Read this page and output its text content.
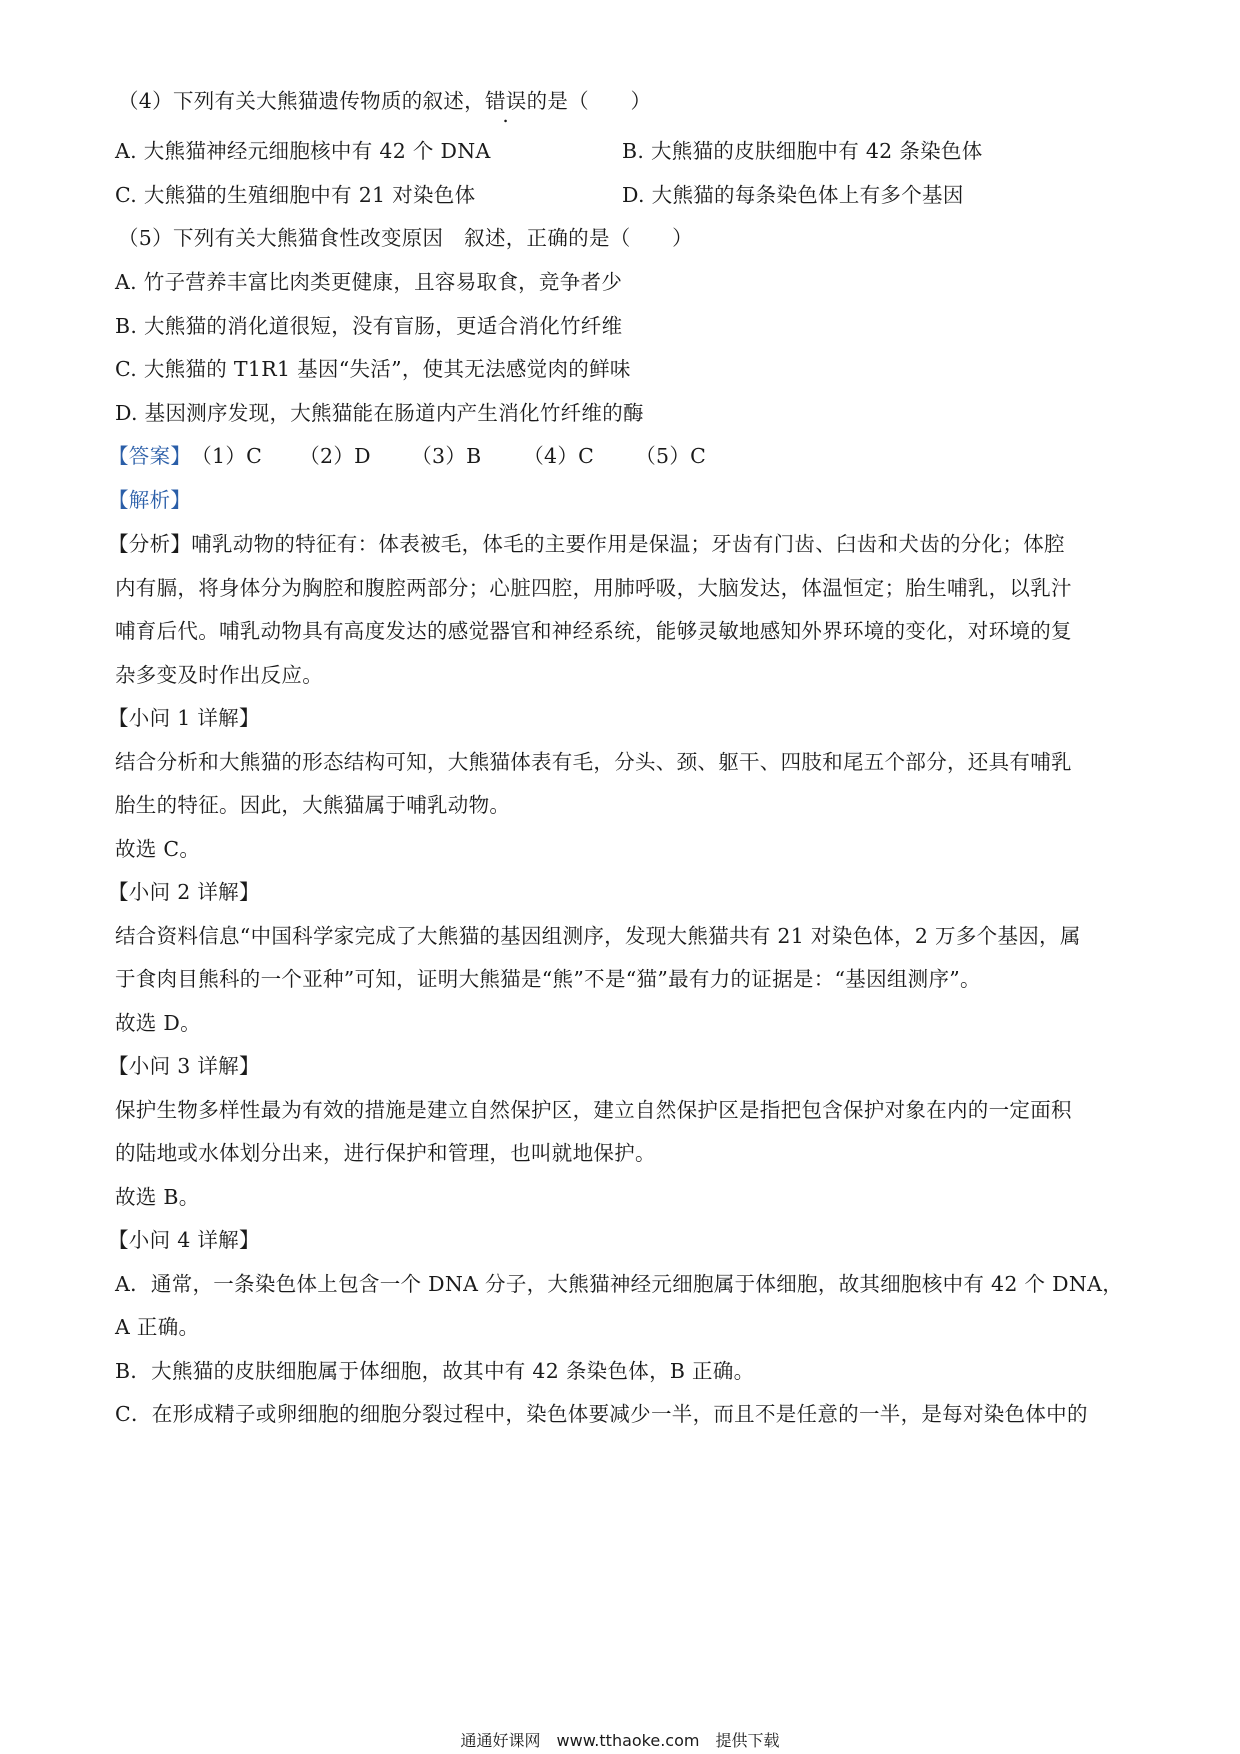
（4）下列有关大熊猫遗传物质的叙述，错误的是（　　）
A. 大熊猫神经元细胞核中有 42 个 DNA	B. 大熊猫的皮肤细胞中有 42 条染色体
C. 大熊猫的生殖细胞中有 21 对染色体	D. 大熊猫的每条染色体上有多个基因
（5）下列有关大熊猫食性改变原因　叙述，正确的是（　　）
A. 竹子营养丰富比肉类更健康，且容易取食，竞争者少
B. 大熊猫的消化道很短，没有盲肠，更适合消化竹纤维
C. 大熊猫的 T1R1 基因“失活”，使其无法感觉肉的鲜味
D. 基因测序发现，大熊猫能在肠道内产生消化竹纤维的酶
【答案】（1）C （2）D （3）B （4）C （5）C
【解析】
【分析】哺乳动物的特征有：体表被毛，体毛的主要作用是保温；牙齿有门齿、臼齿和犬齿的分化；体腔
内有膈，将身体分为胸腔和腹腔两部分；心脏四腔，用肺呼吸，大脑发达，体温恒定；胎生哺乳，以乳汁
哺育后代。哺乳动物具有高度发达的感觉器官和神经系统，能够灵敏地感知外界环境的变化，对环境的复
杂多变及时作出反应。
【小问 1 详解】
结合分析和大熊猫的形态结构可知，大熊猫体表有毛，分头、颈、躯干、四肢和尾五个部分，还具有哺乳
胎生的特征。因此，大熊猫属于哺乳动物。
故选 C。
【小问 2 详解】
结合资料信息“中国科学家完成了大熊猫的基因组测序，发现大熊猫共有 21 对染色体，2 万多个基因，属
于食肉目熊科的一个亚种”可知，证明大熊猫是“熊”不是“猫”最有力的证据是：“基因组测序”。
故选 D。
【小问 3 详解】
保护生物多样性最为有效的措施是建立自然保护区，建立自然保护区是指把包含保护对象在内的一定面积
的陆地或水体划分出来，进行保护和管理，也叫就地保护。
故选 B。
【小问 4 详解】
A．通常，一条染色体上包含一个 DNA 分子，大熊猫神经元细胞属于体细胞，故其细胞核中有 42 个 DNA，
A 正确。
B．大熊猫的皮肤细胞属于体细胞，故其中有 42 条染色体，B 正确。
C．在形成精子或卵细胞的细胞分裂过程中，染色体要减少一半，而且不是任意的一半，是每对染色体中的
通通好课网　www.tthaoke.com　提供下载
